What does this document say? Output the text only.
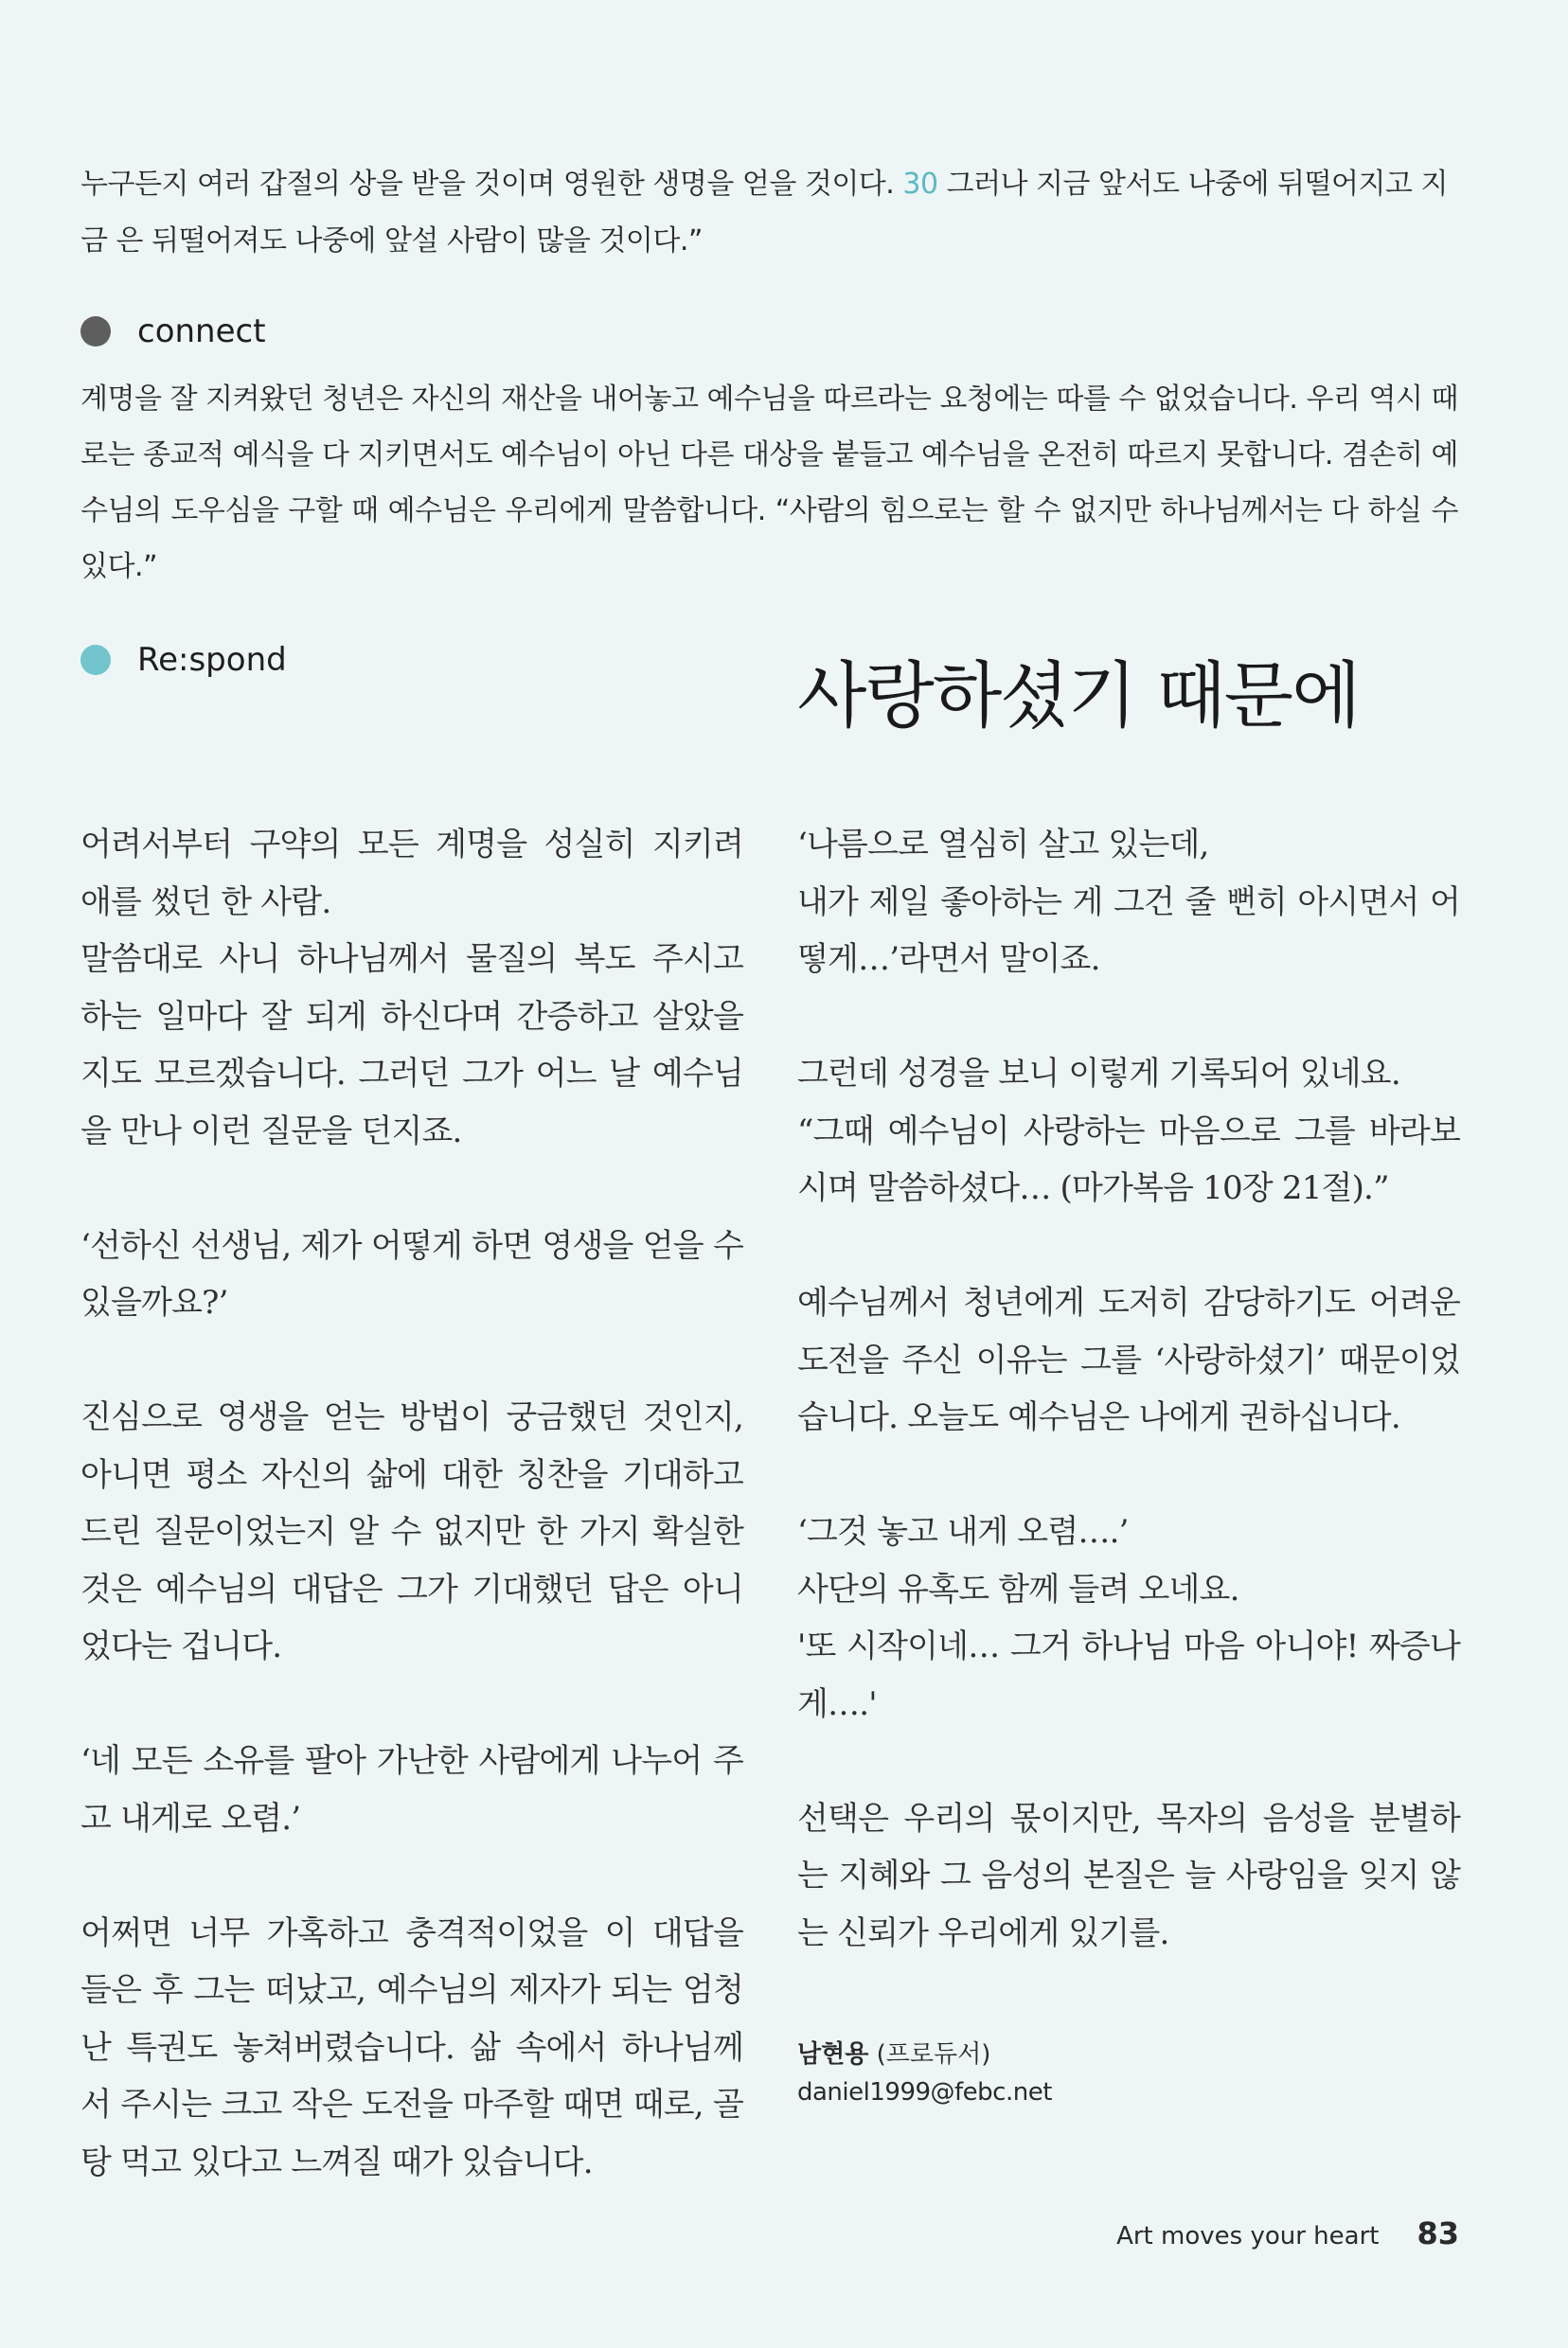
누구든지 여러 갑절의 상을 받을 것이며 영원한 생명을 얻을 것이다. 30 그러나 지금 앞서도 나중에 뒤떨어지고 지금 은 뒤떨어져도 나중에 앞설 사람이 많을 것이다.”

connect

계명을 잘 지켜왔던 청년은 자신의 재산을 내어놓고 예수님을 따르라는 요청에는 따를 수 없었습니다. 우리 역시 때로는 종교적 예식을 다 지키면서도 예수님이 아닌 다른 대상을 붙들고 예수님을 온전히 따르지 못합니다. 겸손히 예수님의 도우심을 구할 때 예수님은 우리에게 말씀합니다. “사람의 힘으로는 할 수 없지만 하나님께서는 다 하실 수 있다.”

Re:spond	사랑하셨기 때문에

어려서부터 구약의 모든 계명을 성실히 지키려 애를 썼던 한 사람.

말씀대로 사니 하나님께서 물질의 복도 주시고 하는 일마다 잘 되게 하신다며 간증하고 살았을지도 모르겠습니다. 그러던 그가 어느 날 예수님을 만나 이런 질문을 던지죠.

‘선하신 선생님, 제가 어떻게 하면 영생을 얻을 수 있을까요?’

진심으로 영생을 얻는 방법이 궁금했던 것인지, 아니면 평소 자신의 삶에 대한 칭찬을 기대하고 드린 질문이었는지 알 수 없지만 한 가지 확실한 것은 예수님의 대답은 그가 기대했던 답은 아니었다는 겁니다.

‘네 모든 소유를 팔아 가난한 사람에게 나누어 주고 내게로 오렴.’

어쩌면 너무 가혹하고 충격적이었을 이 대답을 들은 후 그는 떠났고, 예수님의 제자가 되는 엄청난 특권도 놓쳐버렸습니다. 삶 속에서 하나님께서 주시는 크고 작은 도전을 마주할 때면 때로, 골탕 먹고 있다고 느껴질 때가 있습니다.

‘나름으로 열심히 살고 있는데,

내가 제일 좋아하는 게 그건 줄 뻔히 아시면서 어떻게…’라면서 말이죠.

그런데 성경을 보니 이렇게 기록되어 있네요.

“그때 예수님이 사랑하는 마음으로 그를 바라보시며 말씀하셨다… (마가복음 10장 21절).”

예수님께서 청년에게 도저히 감당하기도 어려운 도전을 주신 이유는 그를 ‘사랑하셨기’ 때문이었습니다. 오늘도 예수님은 나에게 권하십니다.

‘그것 놓고 내게 오렴….’

사단의 유혹도 함께 들려 오네요.

'또 시작이네… 그거 하나님 마음 아니야! 짜증나게….'

선택은 우리의 몫이지만, 목자의 음성을 분별하는 지혜와 그 음성의 본질은 늘 사랑임을 잊지 않는 신뢰가 우리에게 있기를.

남현용 (프로듀서)
daniel1999@febc.net
Art moves your heart 83
